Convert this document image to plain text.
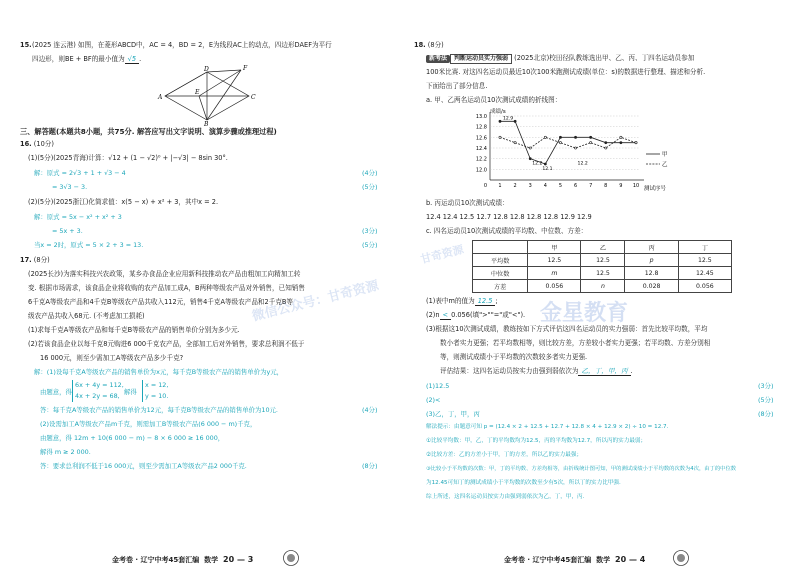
15. (2025 连云港) 如图，在菱形ABCD中，AC = 4，BD = 2，E为线段AC上的动点，四边形DAEF为平行
四边形，则BE + BF的最小值为 √5 .
A	C
D
B
E
F
三、解答题(本题共8小题，共75分. 解答应写出文字说明、演算步骤或推理过程)
16. (10分)
(1)(5分)(2025青海)计算：√12 + (1 − √2)⁰ + |−√3| − 8sin 30°.
解：原式 = 2√3 + 1 + √3 − 4	(4分)
= 3√3 − 3.	(5分)
(2)(5分)(2025浙江)化简求值：x(5 − x) + x² + 3，其中x = 2.
解：原式 = 5x − x² + x² + 3
= 5x + 3.	(3分)
当x = 2时，原式 = 5 × 2 + 3 = 13.	(5分)
17. (8分)
(2025长沙)为落实科技兴农政策，某乡办食品企业应用新科技推动农产品由粗加工向精加工转
变. 根据市场需求，该食品企业将收购的农产品加工成A，B两种等级农产品对外销售，已知销售
6千克A等级农产品和4千克B等级农产品共收入112元，销售4千克A等级农产品和2千克B等
级农产品共收入68元. (不考虑加工损耗)
(1)求每千克A等级农产品和每千克B等级农产品的销售单价分别为多少元.
(2)若该食品企业以每千克8元购进6 000千克农产品，全部加工后对外销售，要求总利润不低于
16 000元，则至少需加工A等级农产品多少千克?
解：(1)设每千克A等级农产品的销售单价为x元，每千克B等级农产品的销售单价为y元，
由题意，得
6x + 4y = 112,
4x + 2y = 68, 解得
x = 12,
y = 10.
答：每千克A等级农产品的销售单价为12元，每千克B等级农产品的销售单价为10元.	(4分)
(2)设需加工A等级农产品m千克，则需加工B等级农产品(6 000 − m)千克，
由题意，得 12m + 10(6 000 − m) − 8 × 6 000 ≥ 16 000，
解得 m ≥ 2 000.
答：要求总利润不低于16 000元，则至少需加工A等级农产品2 000千克.	(8分)
金考卷 · 辽宁中考45套汇编 数学 20 — 3
18. (8分)
新考法 判断运动员实力强弱 (2025北京)校田径队教练选出甲、乙、丙、丁四名运动员参加
100米比赛. 对这四名运动员最近10次100米跑测试成绩(单位：s)的数据进行整理、描述和分析.
下面给出了部分信息.
a. 甲、乙两名运动员10次测试成绩的折线图：
成绩/s
测试序号
12.0
12.2
12.4
12.6
12.8
13.0
0 1 2 3 4 5 6 7 8 9 10
12.9
12.2
12.1
12.2
甲
乙
b. 丙运动员10次测试成绩：
12.4 12.4 12.5 12.7 12.8 12.8 12.8 12.8 12.9 12.9
c. 四名运动员10次测试成绩的平均数、中位数、方差：
	甲	乙	丙	丁
平均数	12.5	12.5	p	12.5
中位数	m	12.5	12.8	12.45
方差	0.056	n	0.028	0.056
(1)表中m的值为 12.5 ;
(2)n < 0.056(填">""="或"<").
(3)根据这10次测试成绩，教练按如下方式评估这四名运动员的实力强弱：首先比较平均数，平均
数小者实力更强；若平均数相等，则比较方差，方差较小者实力更强；若平均数、方差分别相
等，则测试成绩小于平均数的次数较多者实力更强.
评估结果：这四名运动员按实力由强到弱依次为 乙，丁，甲，丙 .
(1)12.5	(3分)
(2)<	(5分)
(3)乙，丁，甲，丙	(8分)
解法提示：由题意可知 p = (12.4 × 2 + 12.5 + 12.7 + 12.8 × 4 + 12.9 × 2) ÷ 10 = 12.7.
①比较平均数：甲，乙，丁的平均数均为12.5，丙的平均数为12.7，所以丙的实力最弱；
②比较方差：乙的方差小于甲，丁的方差，所以乙的实力最强；
③比较小于平均数的次数：甲，丁的平均数、方差均相等，由折线统计图可知，甲的测试成绩小于平均数的次数为4次，由丁的中位数
为12.45可知丁的测试成绩小于平均数的次数至少有5次，所以丁的实力比甲强.
综上所述，这四名运动员按实力由强到弱依次为乙，丁，甲，丙.
金考卷 · 辽宁中考45套汇编 数学 20 — 4
微信公众号：甘奇资源	金星教育
甘奇资源
